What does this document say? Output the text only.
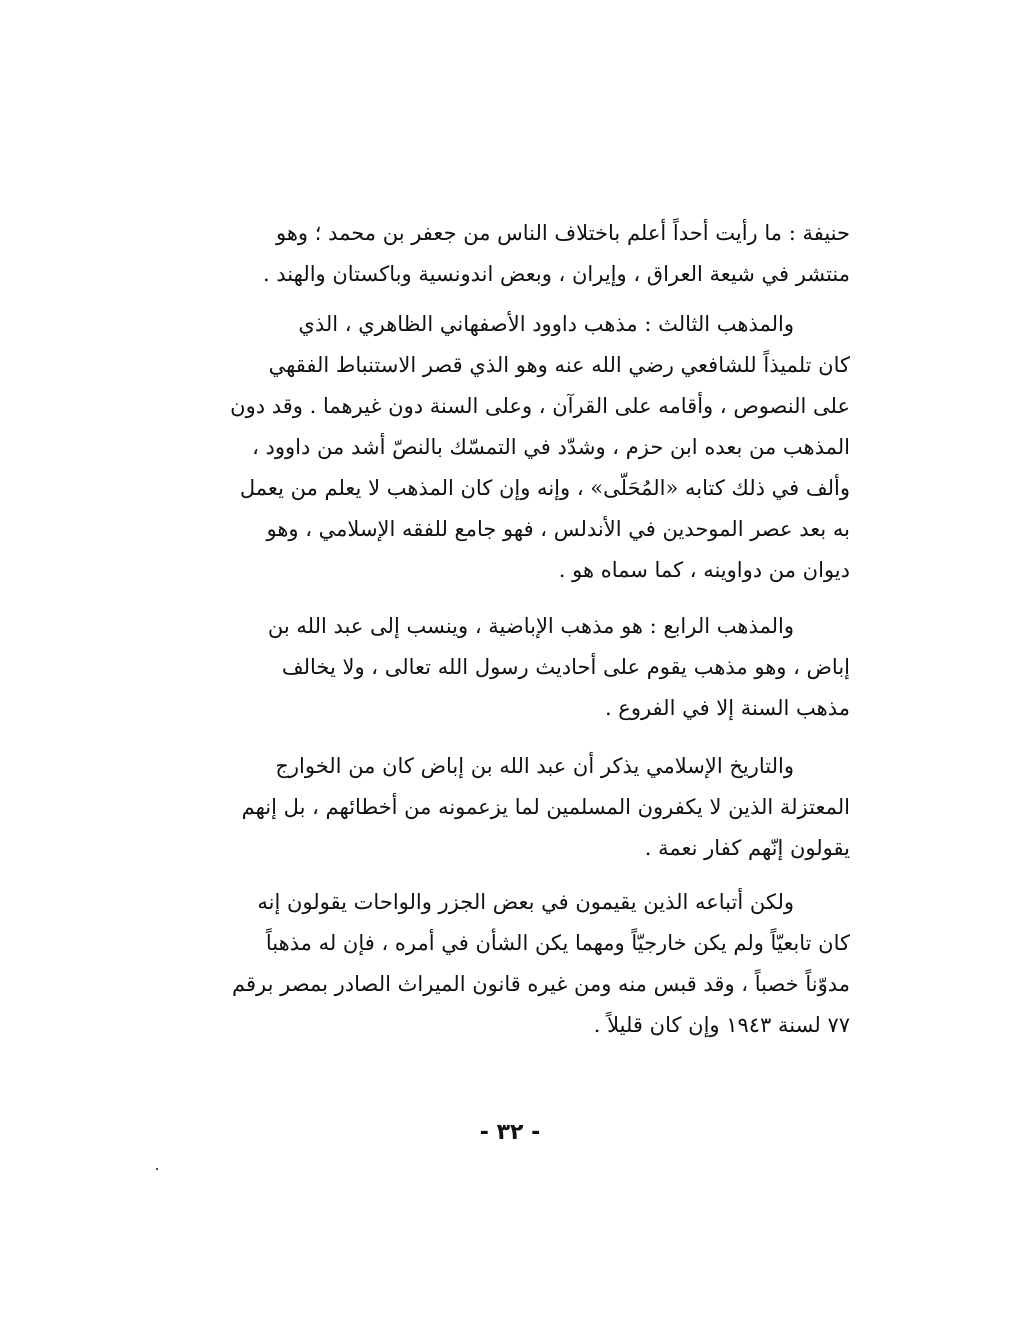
حنيفة : ما رأيت أحداً أعلم باختلاف الناس من جعفر بن محمد ؛ وهو
منتشر في شيعة العراق ، وإيران ، وبعض اندونسية وباكستان والهند .
والمذهب الثالث : مذهب داوود الأصفهاني الظاهري ، الذي
كان تلميذاً للشافعي رضي الله عنه وهو الذي قصر الاستنباط الفقهي
على النصوص ، وأقامه على القرآن ، وعلى السنة دون غيرهما . وقد دون
المذهب من بعده ابن حزم ، وشدّد في التمسّك بالنصّ أشد من داوود ،
وألف في ذلك كتابه «المُحَلّى» ، وإنه وإن كان المذهب لا يعلم من يعمل
به بعد عصر الموحدين في الأندلس ، فهو جامع للفقه الإسلامي ، وهو
ديوان من دواوينه ، كما سماه هو .
والمذهب الرابع : هو مذهب الإباضية ، وينسب إلى عبد الله بن
إباض ، وهو مذهب يقوم على أحاديث رسول الله تعالى ، ولا يخالف
مذهب السنة إلا في الفروع .
والتاريخ الإسلامي يذكر أن عبد الله بن إباض كان من الخوارج
المعتزلة الذين لا يكفرون المسلمين لما يزعمونه من أخطائهم ، بل إنهم
يقولون إنّهم كفار نعمة .
ولكن أتباعه الذين يقيمون في بعض الجزر والواحات يقولون إنه
كان تابعيّاً ولم يكن خارجيّاً ومهما يكن الشأن في أمره ، فإن له مذهباً
مدوّناً خصباً ، وقد قبس منه ومن غيره قانون الميراث الصادر بمصر برقم
٧٧ لسنة ١٩٤٣ وإن كان قليلاً .
- ٣٢ -
